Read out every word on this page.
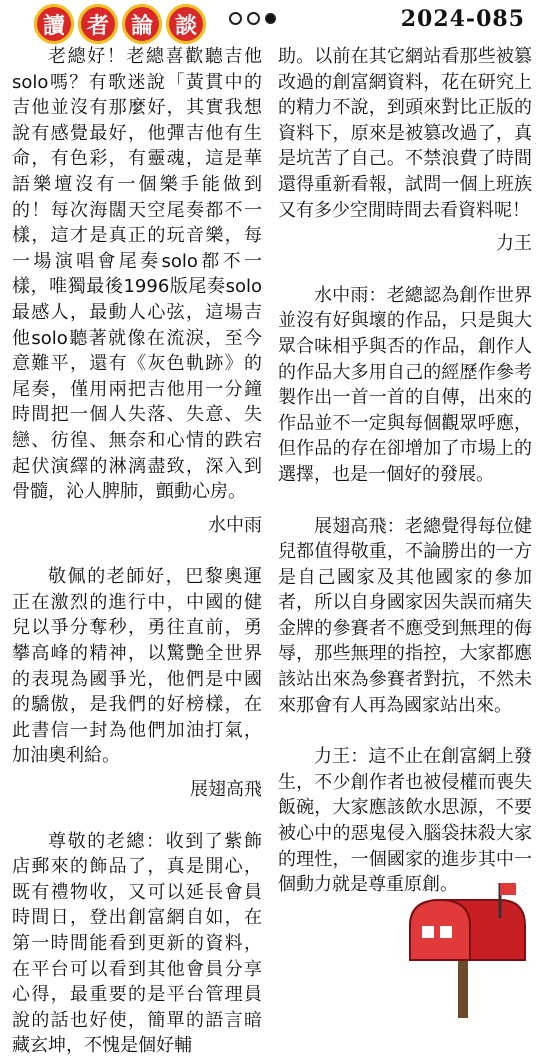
讀 者 論 談	2024-085

老總好！老總喜歡聽吉他solo嗎？有歌迷說「黃貫中的吉他並沒有那麼好，其實我想說有感覺最好，他彈吉他有生命，有色彩，有靈魂，這是華語樂壇沒有一個樂手能做到的！每次海闊天空尾奏都不一樣，這才是真正的玩音樂，每一場演唱會尾奏solo都不一樣，唯獨最後1996版尾奏solo最感人，最動人心弦，這場吉他solo聽著就像在流淚，至今意難平，還有《灰色軌跡》的尾奏，僅用兩把吉他用一分鐘時間把一個人失落、失意、失戀、彷徨、無奈和心情的跌宕起伏演繹的淋漓盡致，深入到骨髓，沁人脾肺，顫動心房。

水中雨

敬佩的老師好，巴黎奧運正在激烈的進行中，中國的健兒以爭分奪秒，勇往直前，勇攀高峰的精神，以驚艷全世界的表現為國爭光，他們是中國的驕傲，是我們的好榜樣，在此書信一封為他們加油打氣，加油奧利給。

展翅高飛

尊敬的老總：收到了紫飾店郵來的飾品了，真是開心，既有禮物收，又可以延長會員時間日，登出創富網自如，在第一時間能看到更新的資料，在平台可以看到其他會員分享心得，最重要的是平台管理員說的話也好使，簡單的語言暗藏玄坤，不愧是個好輔

助。以前在其它網站看那些被篡改過的創富網資料，花在研究上的精力不說，到頭來對比正版的資料下，原來是被篡改過了，真是坑苦了自己。不禁浪費了時間還得重新看報，試問一個上班族又有多少空閒時間去看資料呢！

力王

水中雨：老總認為創作世界並沒有好與壞的作品，只是與大眾合味相乎與否的作品，創作人的作品大多用自己的經歷作參考製作出一首一首的自傳，出來的作品並不一定與每個觀眾呼應，但作品的存在卻增加了市場上的選擇，也是一個好的發展。

展翅高飛：老總覺得每位健兒都值得敬重，不論勝出的一方是自己國家及其他國家的參加者，所以自身國家因失誤而痛失金牌的參賽者不應受到無理的侮辱，那些無理的指控，大家都應該站出來為參賽者對抗，不然未來那會有人再為國家站出來。

力王：這不止在創富網上發生，不少創作者也被侵權而喪失飯碗，大家應該飲水思源，不要被心中的惡鬼侵入腦袋抹殺大家的理性，一個國家的進步其中一個動力就是尊重原創。
